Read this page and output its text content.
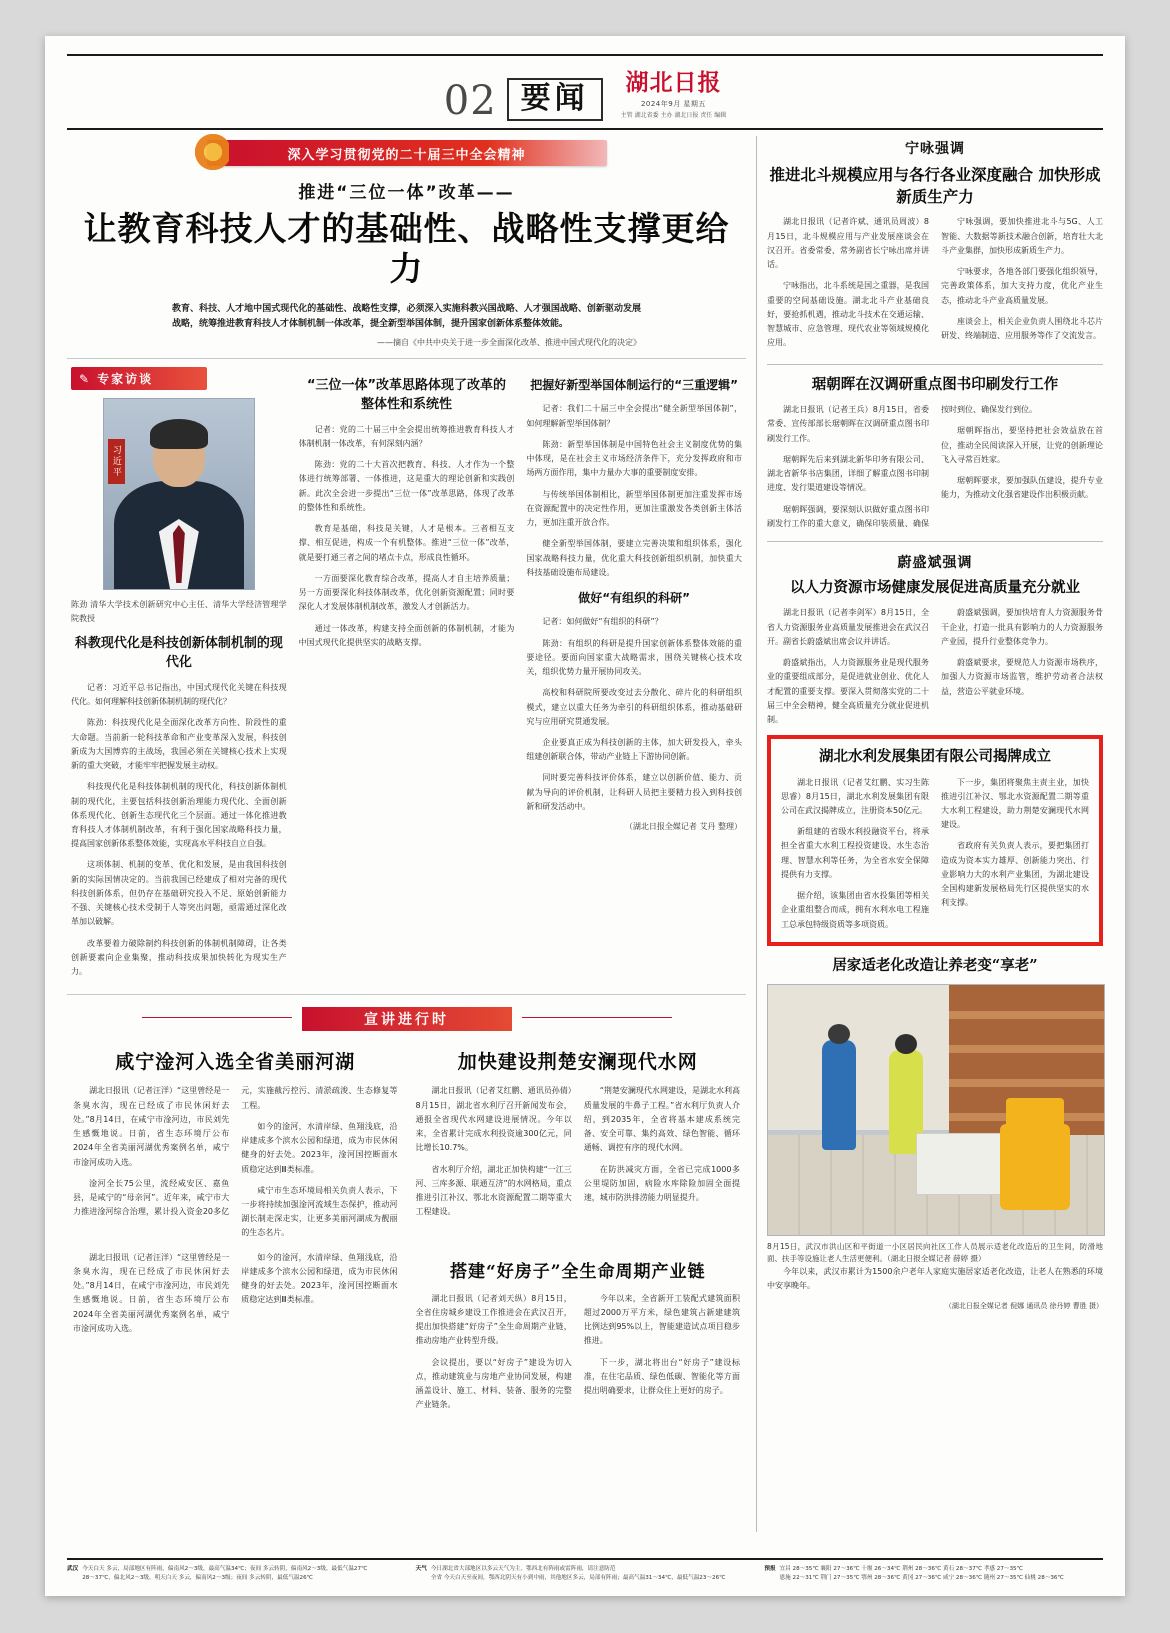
02 要闻	湖北日报
2024年9月 星期五
主管 湖北省委 主办 湖北日报 责任 编辑
深入学习贯彻党的二十届三中全会精神
推进“三位一体”改革——
让教育科技人才的基础性、战略性支撑更给力
教育、科技、人才地中国式现代化的基础性、战略性支撑，必须深入实施科教兴国战略、人才强国战略、创新驱动发展战略，统筹推进教育科技人才体制机制一体改革，提全新型举国体制，提升国家创新体系整体效能。
——摘自《中共中央关于进一步全面深化改革、推进中国式现代化的决定》
✎ 专家访谈
习近平
陈劲 清华大学技术创新研究中心主任、清华大学经济管理学院教授
科教现代化是科技创新体制机制的现代化
记者：习近平总书记指出，中国式现代化关键在科技现代化。如何理解科技创新体制机制的现代化？
陈劲：科技现代化是全面深化改革方向性、阶段性的重大命题。当前新一轮科技革命和产业变革深入发展，科技创新成为大国博弈的主战场，我国必须在关键核心技术上实现新的重大突破，才能牢牢把握发展主动权。
科技现代化是科技体制机制的现代化，科技创新体制机制的现代化，主要包括科技创新治理能力现代化、全面创新体系现代化、创新生态现代化三个层面。通过一体化推进教育科技人才体制机制改革，有利于强化国家战略科技力量，提高国家创新体系整体效能，实现高水平科技自立自强。
这项体制、机制的变革、优化和发展，是由我国科技创新的实际国情决定的。当前我国已经建成了相对完备的现代科技创新体系，但仍存在基础研究投入不足、原始创新能力不强、关键核心技术受制于人等突出问题，亟需通过深化改革加以破解。
改革要着力破除制约科技创新的体制机制障碍，让各类创新要素向企业集聚，推动科技成果加快转化为现实生产力。
“三位一体”改革思路体现了改革的整体性和系统性
记者：党的二十届三中全会提出统筹推进教育科技人才体制机制一体改革，有何深刻内涵？
陈劲：党的二十大首次把教育、科技、人才作为一个整体进行统筹部署、一体推进，这是重大的理论创新和实践创新。此次全会进一步提出“三位一体”改革思路，体现了改革的整体性和系统性。
教育是基础，科技是关键，人才是根本。三者相互支撑、相互促进，构成一个有机整体。推进“三位一体”改革，就是要打通三者之间的堵点卡点，形成良性循环。
一方面要深化教育综合改革，提高人才自主培养质量；另一方面要深化科技体制改革，优化创新资源配置；同时要深化人才发展体制机制改革，激发人才创新活力。
通过一体改革，构建支持全面创新的体制机制，才能为中国式现代化提供坚实的战略支撑。
把握好新型举国体制运行的“三重逻辑”
记者：我们二十届三中全会提出“健全新型举国体制”，如何理解新型举国体制？
陈劲：新型举国体制是中国特色社会主义制度优势的集中体现，是在社会主义市场经济条件下，充分发挥政府和市场两方面作用，集中力量办大事的重要制度安排。
与传统举国体制相比，新型举国体制更加注重发挥市场在资源配置中的决定性作用，更加注重激发各类创新主体活力，更加注重开放合作。
健全新型举国体制，要建立完善决策和组织体系，强化国家战略科技力量，优化重大科技创新组织机制，加快重大科技基础设施布局建设。
做好“有组织的科研”
记者：如何做好“有组织的科研”？
陈劲：有组织的科研是提升国家创新体系整体效能的重要途径。要面向国家重大战略需求，围绕关键核心技术攻关，组织优势力量开展协同攻关。
高校和科研院所要改变过去分散化、碎片化的科研组织模式，建立以重大任务为牵引的科研组织体系，推动基础研究与应用研究贯通发展。
企业要真正成为科技创新的主体，加大研发投入，牵头组建创新联合体，带动产业链上下游协同创新。
同时要完善科技评价体系，建立以创新价值、能力、贡献为导向的评价机制，让科研人员把主要精力投入到科技创新和研发活动中。
（湖北日报全媒记者 艾丹 整理）
宣讲进行时
咸宁淦河入选全省美丽河湖
湖北日报讯（记者汪洋）“这里曾经是一条臭水沟，现在已经成了市民休闲好去处。”8月14日，在咸宁市淦河边，市民刘先生感慨地说。日前，省生态环境厅公布2024年全省美丽河湖优秀案例名单，咸宁市淦河成功入选。
淦河全长75公里，流经咸安区、嘉鱼县，是咸宁的“母亲河”。近年来，咸宁市大力推进淦河综合治理，累计投入资金20多亿元，实施截污控污、清淤疏浚、生态修复等工程。
如今的淦河，水清岸绿、鱼翔浅底，沿岸建成多个滨水公园和绿道，成为市民休闲健身的好去处。2023年，淦河国控断面水质稳定达到Ⅲ类标准。
咸宁市生态环境局相关负责人表示，下一步将持续加强淦河流域生态保护，推动河湖长制走深走实，让更多美丽河湖成为靓丽的生态名片。
加快建设荆楚安澜现代水网
湖北日报讯（记者艾红鹏、通讯员孙倩）8月15日，湖北省水利厅召开新闻发布会，通报全省现代水网建设进展情况。今年以来，全省累计完成水利投资逾300亿元，同比增长10.7%。
省水利厅介绍，湖北正加快构建“一江三河、三库多源、联通互济”的水网格局，重点推进引江补汉、鄂北水资源配置二期等重大工程建设。
“荆楚安澜现代水网建设，是湖北水利高质量发展的牛鼻子工程。”省水利厅负责人介绍，到2035年，全省将基本建成系统完备、安全可靠、集约高效、绿色智能、循环通畅、调控有序的现代水网。
在防洪减灾方面，全省已完成1000多公里堤防加固，病险水库除险加固全面提速，城市防洪排涝能力明显提升。
湖北日报讯（记者汪洋）“这里曾经是一条臭水沟，现在已经成了市民休闲好去处。”8月14日，在咸宁市淦河边，市民刘先生感慨地说。日前，省生态环境厅公布2024年全省美丽河湖优秀案例名单，咸宁市淦河成功入选。
如今的淦河，水清岸绿、鱼翔浅底，沿岸建成多个滨水公园和绿道，成为市民休闲健身的好去处。2023年，淦河国控断面水质稳定达到Ⅲ类标准。
搭建“好房子”全生命周期产业链
湖北日报讯（记者刘天纵）8月15日，全省住房城乡建设工作推进会在武汉召开，提出加快搭建“好房子”全生命周期产业链，推动房地产业转型升级。
会议提出，要以“好房子”建设为切入点，推动建筑业与房地产业协同发展，构建涵盖设计、施工、材料、装备、服务的完整产业链条。
今年以来，全省新开工装配式建筑面积超过2000万平方米，绿色建筑占新建建筑比例达到95%以上，智能建造试点项目稳步推进。
下一步，湖北将出台“好房子”建设标准，在住宅品质、绿色低碳、智能化等方面提出明确要求，让群众住上更好的房子。
宁咏强调
推进北斗规模应用与各行各业深度融合 加快形成新质生产力
湖北日报讯（记者许斌、通讯员周波）8月15日，北斗规模应用与产业发展座谈会在汉召开。省委常委、常务副省长宁咏出席并讲话。
宁咏指出，北斗系统是国之重器，是我国重要的空间基础设施。湖北北斗产业基础良好，要抢抓机遇，推动北斗技术在交通运输、智慧城市、应急管理、现代农业等领域规模化应用。
宁咏强调，要加快推进北斗与5G、人工智能、大数据等新技术融合创新，培育壮大北斗产业集群，加快形成新质生产力。
宁咏要求，各地各部门要强化组织领导，完善政策体系，加大支持力度，优化产业生态，推动北斗产业高质量发展。
座谈会上，相关企业负责人围绕北斗芯片研发、终端制造、应用服务等作了交流发言。
琚朝晖在汉调研重点图书印刷发行工作
湖北日报讯（记者王兵）8月15日，省委常委、宣传部部长琚朝晖在汉调研重点图书印刷发行工作。
琚朝晖先后来到湖北新华印务有限公司、湖北省新华书店集团，详细了解重点图书印制进度、发行渠道建设等情况。
琚朝晖强调，要深刻认识做好重点图书印刷发行工作的重大意义，确保印装质量、确保按时到位、确保发行到位。
琚朝晖指出，要坚持把社会效益放在首位，推动全民阅读深入开展，让党的创新理论飞入寻常百姓家。
琚朝晖要求，要加强队伍建设，提升专业能力，为推动文化强省建设作出积极贡献。
蔚盛斌强调
以人力资源市场健康发展促进高质量充分就业
湖北日报讯（记者李剑军）8月15日，全省人力资源服务业高质量发展推进会在武汉召开。副省长蔚盛斌出席会议并讲话。
蔚盛斌指出，人力资源服务业是现代服务业的重要组成部分，是促进就业创业、优化人才配置的重要支撑。要深入贯彻落实党的二十届三中全会精神，健全高质量充分就业促进机制。
蔚盛斌强调，要加快培育人力资源服务骨干企业，打造一批具有影响力的人力资源服务产业园，提升行业整体竞争力。
蔚盛斌要求，要规范人力资源市场秩序，加强人力资源市场监管，维护劳动者合法权益，营造公平就业环境。
湖北水利发展集团有限公司揭牌成立
湖北日报讯（记者艾红鹏、实习生陈思睿）8月15日，湖北水利发展集团有限公司在武汉揭牌成立，注册资本50亿元。
新组建的省级水利投融资平台，将承担全省重大水利工程投资建设、水生态治理、智慧水利等任务，为全省水安全保障提供有力支撑。
据介绍，该集团由省水投集团等相关企业重组整合而成，拥有水利水电工程施工总承包特级资质等多项资质。
下一步，集团将聚焦主责主业，加快推进引江补汉、鄂北水资源配置二期等重大水利工程建设，助力荆楚安澜现代水网建设。
省政府有关负责人表示，要把集团打造成为资本实力雄厚、创新能力突出、行业影响力大的水利产业集团，为湖北建设全国构建新发展格局先行区提供坚实的水利支撑。
居家适老化改造让养老变“享老”
8月15日，武汉市洪山区和平街道一小区居民向社区工作人员展示适老化改造后的卫生间，防滑地面、扶手等设施让老人生活更便利。（湖北日报全媒记者 薛婷 摄）
今年以来，武汉市累计为1500余户老年人家庭实施居家适老化改造，让老人在熟悉的环境中安享晚年。
（湖北日报全媒记者 倪娜 通讯员 徐丹婷 曹胜 摄）
武汉 今天白天 多云，局部地区有阵雨，偏南风2～3级，最高气温34℃；夜间 多云转阴，偏南风2～3级，最低气温27℃
28～37℃，偏北风2～3级。明天白天 多云，偏南风2～3级；夜间 多云转阴，最低气温26℃
天气 今日湖北省大部地区以多云天气为主，鄂西北有阵雨或雷阵雨，请注意防范
全省 今天白天至夜间，鄂西北阴天有小到中雨，其他地区多云，局部有阵雨；最高气温31～34℃，最低气温23～26℃
预报 宜昌 28～35℃ 襄阳 27～36℃ 十堰 26～34℃ 荆州 28～36℃ 黄石 28～37℃ 孝感 27～35℃
恩施 22～31℃ 荆门 27～35℃ 鄂州 28～36℃ 黄冈 27～36℃ 咸宁 28～36℃ 随州 27～35℃ 仙桃 28～36℃
